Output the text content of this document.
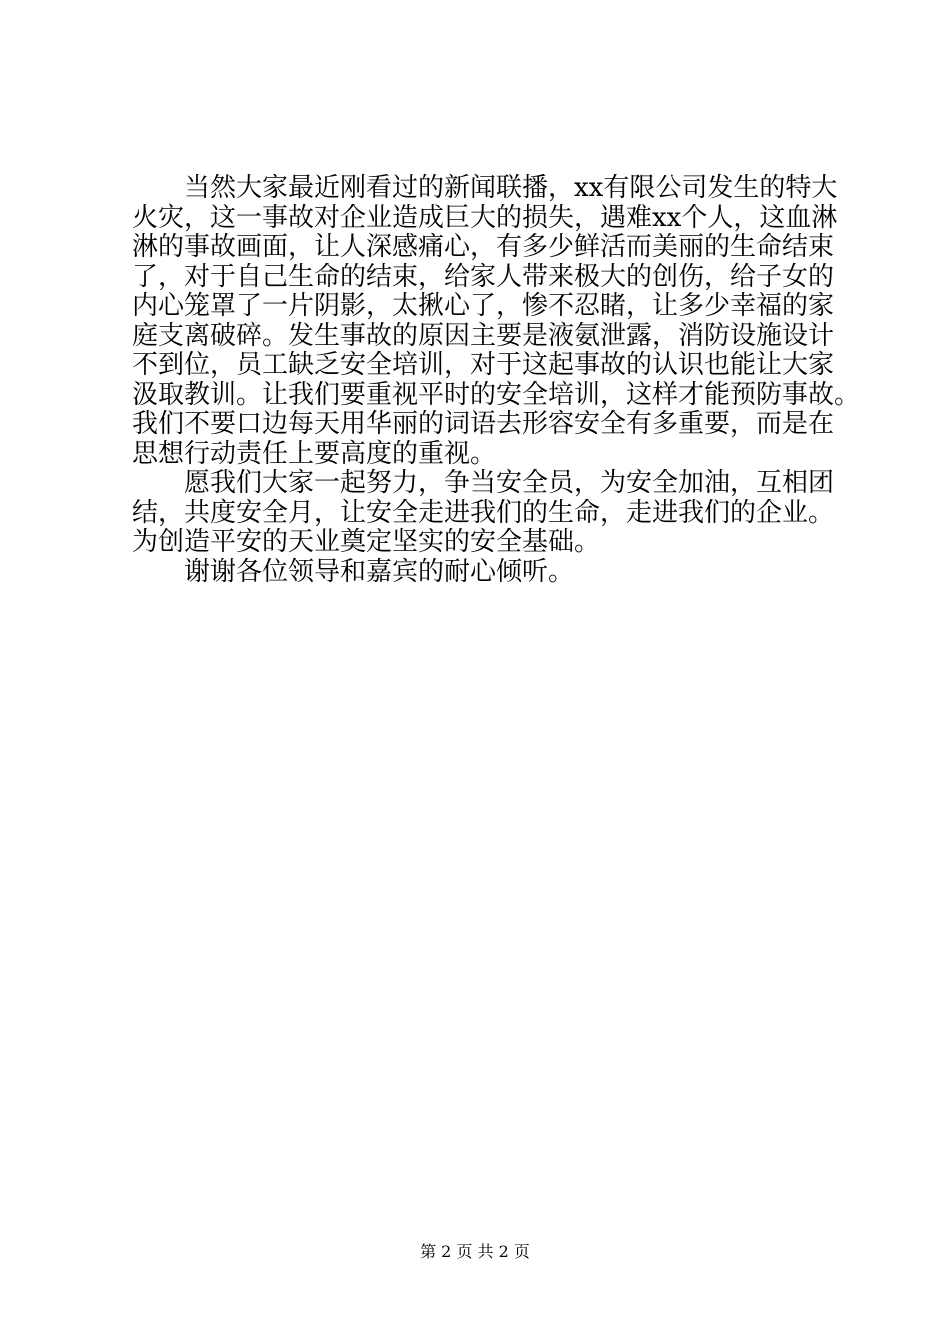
　　当然大家最近刚看过的新闻联播，xx有限公司发生的特大
火灾，这一事故对企业造成巨大的损失，遇难xx个人，这血淋
淋的事故画面，让人深感痛心，有多少鲜活而美丽的生命结束
了，对于自己生命的结束，给家人带来极大的创伤，给子女的
内心笼罩了一片阴影，太揪心了，惨不忍睹，让多少幸福的家
庭支离破碎。发生事故的原因主要是液氨泄露，消防设施设计
不到位，员工缺乏安全培训，对于这起事故的认识也能让大家
汲取教训。让我们要重视平时的安全培训，这样才能预防事故。
我们不要口边每天用华丽的词语去形容安全有多重要，而是在
思想行动责任上要高度的重视。
　　愿我们大家一起努力，争当安全员，为安全加油，互相团
结，共度安全月，让安全走进我们的生命，走进我们的企业。
为创造平安的天业奠定坚实的安全基础。
　　谢谢各位领导和嘉宾的耐心倾听。
第 2 页 共 2 页
